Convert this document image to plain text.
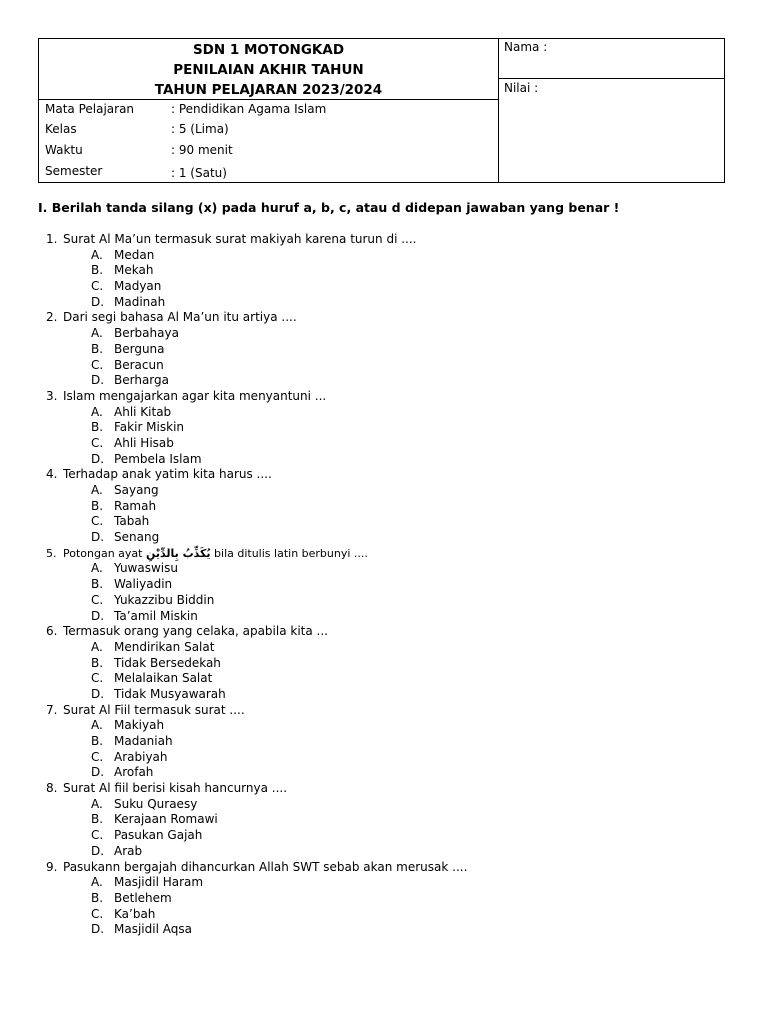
SDN 1 MOTONGKAD
PENILAIAN AKHIR TAHUN
TAHUN PELAJARAN 2023/2024
Mata Pelajaran	: Pendidikan Agama Islam
Kelas	: 5 (Lima)
Waktu	: 90 menit
Semester	: 1 (Satu)
Nama :
Nilai :
I. Berilah tanda silang (x) pada huruf a, b, c, atau d didepan jawaban yang benar !
1. Surat Al Ma’un termasuk surat makiyah karena turun di ....
A. Medan
B. Mekah
C. Madyan
D. Madinah
2. Dari segi bahasa Al Ma’un itu artiya ....
A. Berbahaya
B. Berguna
C. Beracun
D. Berharga
3. Islam mengajarkan agar kita menyantuni ...
A. Ahli Kitab
B. Fakir Miskin
C. Ahli Hisab
D. Pembela Islam
4. Terhadap anak yatim kita harus ....
A. Sayang
B. Ramah
C. Tabah
D. Senang
5. Potongan ayat يُكَذِّبُ بِالدِّيْنِ bila ditulis latin berbunyi ....
A. Yuwaswisu
B. Waliyadin
C. Yukazzibu Biddin
D. Ta’amil Miskin
6. Termasuk orang yang celaka, apabila kita ...
A. Mendirikan Salat
B. Tidak Bersedekah
C. Melalaikan Salat
D. Tidak Musyawarah
7. Surat Al Fiil termasuk surat ....
A. Makiyah
B. Madaniah
C. Arabiyah
D. Arofah
8. Surat Al fiil berisi kisah hancurnya ....
A. Suku Quraesy
B. Kerajaan Romawi
C. Pasukan Gajah
D. Arab
9. Pasukann bergajah dihancurkan Allah SWT sebab akan merusak ....
A. Masjidil Haram
B. Betlehem
C. Ka’bah
D. Masjidil Aqsa
